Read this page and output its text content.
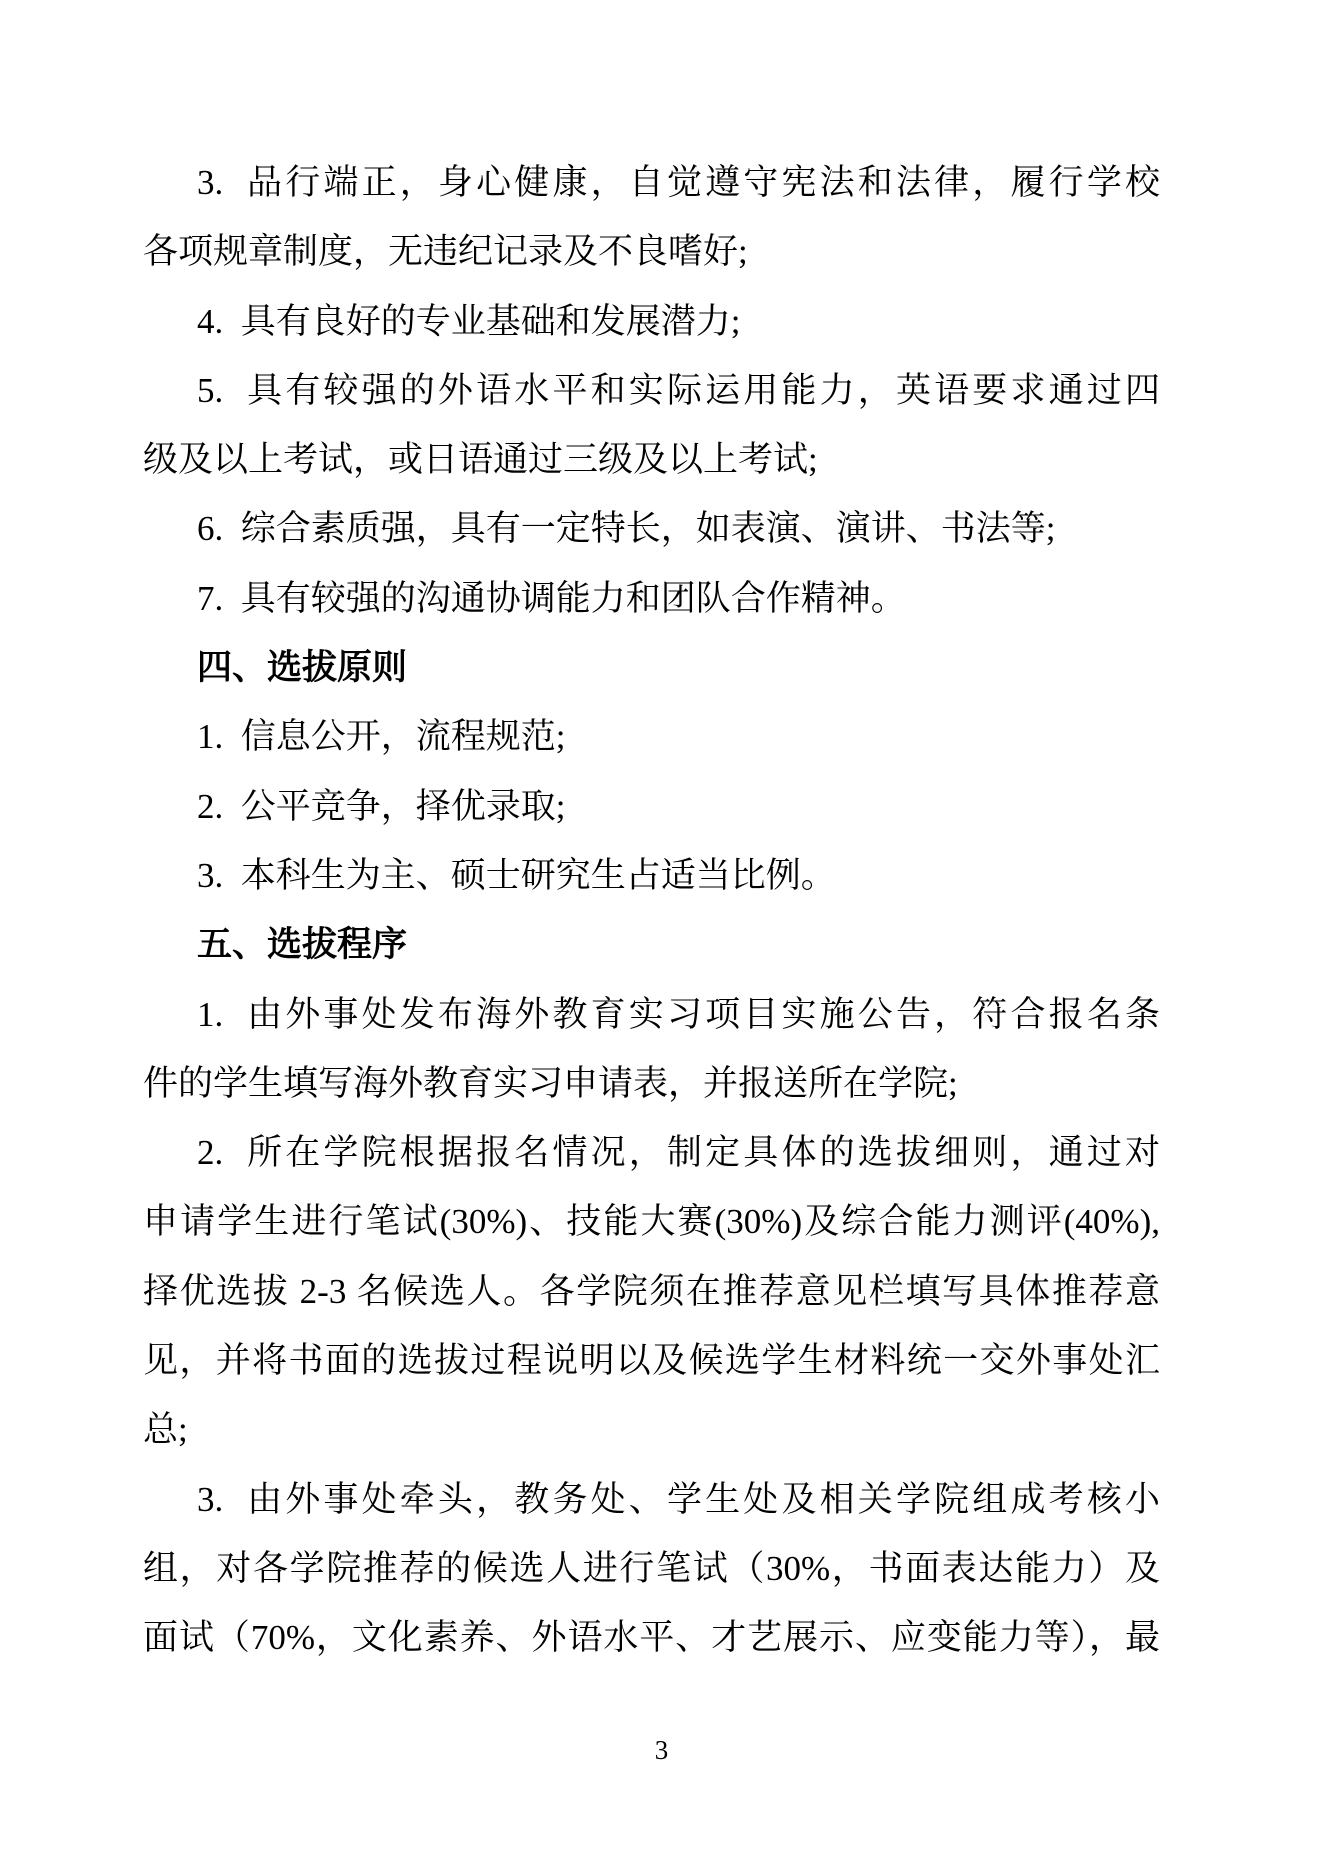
3.  品行端正，身心健康，自觉遵守宪法和法律，履行学校
各项规章制度，无违纪记录及不良嗜好;
4.  具有良好的专业基础和发展潜力;
5.  具有较强的外语水平和实际运用能力，英语要求通过四
级及以上考试，或日语通过三级及以上考试;
6.  综合素质强，具有一定特长，如表演、演讲、书法等;
7.  具有较强的沟通协调能力和团队合作精神。
四、选拔原则
1.  信息公开，流程规范;
2.  公平竞争，择优录取;
3.  本科生为主、硕士研究生占适当比例。
五、选拔程序
1.  由外事处发布海外教育实习项目实施公告，符合报名条
件的学生填写海外教育实习申请表，并报送所在学院;
2.  所在学院根据报名情况，制定具体的选拔细则，通过对
申请学生进行笔试(30%)、技能大赛(30%)及综合能力测评(40%),
择优选拔 2-3 名候选人。各学院须在推荐意见栏填写具体推荐意
见，并将书面的选拔过程说明以及候选学生材料统一交外事处汇
总;
3.  由外事处牵头，教务处、学生处及相关学院组成考核小
组，对各学院推荐的候选人进行笔试（30%，书面表达能力）及
面试（70%，文化素养、外语水平、才艺展示、应变能力等），最
3
